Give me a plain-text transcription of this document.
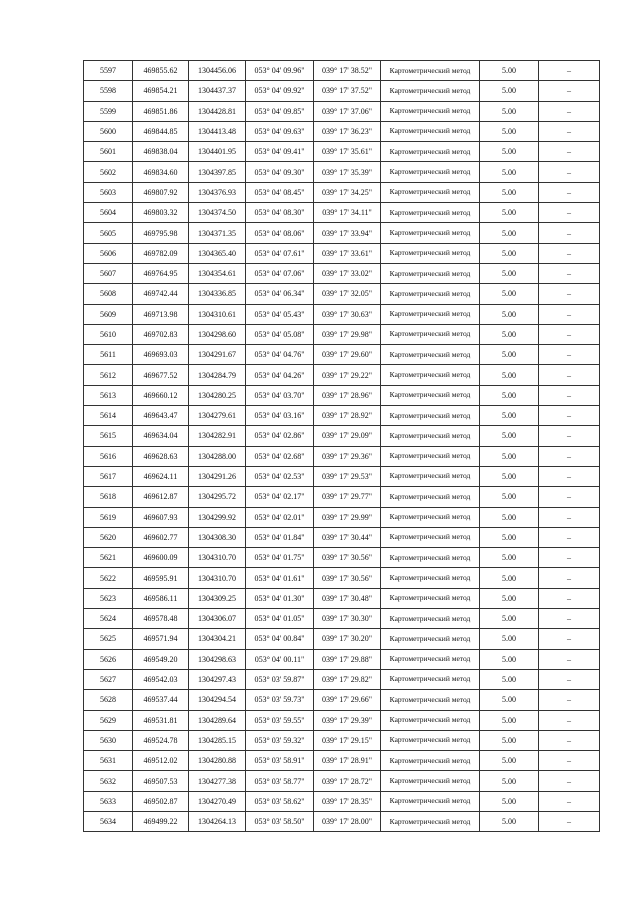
5597	469855.62	1304456.06	053° 04' 09.96"	039° 17' 38.52"	Картометрический метод	5.00	–
5598	469854.21	1304437.37	053° 04' 09.92"	039° 17' 37.52"	Картометрический метод	5.00	–
5599	469851.86	1304428.81	053° 04' 09.85"	039° 17' 37.06"	Картометрический метод	5.00	–
5600	469844.85	1304413.48	053° 04' 09.63"	039° 17' 36.23"	Картометрический метод	5.00	–
5601	469838.04	1304401.95	053° 04' 09.41"	039° 17' 35.61"	Картометрический метод	5.00	–
5602	469834.60	1304397.85	053° 04' 09.30"	039° 17' 35.39"	Картометрический метод	5.00	–
5603	469807.92	1304376.93	053° 04' 08.45"	039° 17' 34.25"	Картометрический метод	5.00	–
5604	469803.32	1304374.50	053° 04' 08.30"	039° 17' 34.11"	Картометрический метод	5.00	–
5605	469795.98	1304371.35	053° 04' 08.06"	039° 17' 33.94"	Картометрический метод	5.00	–
5606	469782.09	1304365.40	053° 04' 07.61"	039° 17' 33.61"	Картометрический метод	5.00	–
5607	469764.95	1304354.61	053° 04' 07.06"	039° 17' 33.02"	Картометрический метод	5.00	–
5608	469742.44	1304336.85	053° 04' 06.34"	039° 17' 32.05"	Картометрический метод	5.00	–
5609	469713.98	1304310.61	053° 04' 05.43"	039° 17' 30.63"	Картометрический метод	5.00	–
5610	469702.83	1304298.60	053° 04' 05.08"	039° 17' 29.98"	Картометрический метод	5.00	–
5611	469693.03	1304291.67	053° 04' 04.76"	039° 17' 29.60"	Картометрический метод	5.00	–
5612	469677.52	1304284.79	053° 04' 04.26"	039° 17' 29.22"	Картометрический метод	5.00	–
5613	469660.12	1304280.25	053° 04' 03.70"	039° 17' 28.96"	Картометрический метод	5.00	–
5614	469643.47	1304279.61	053° 04' 03.16"	039° 17' 28.92"	Картометрический метод	5.00	–
5615	469634.04	1304282.91	053° 04' 02.86"	039° 17' 29.09"	Картометрический метод	5.00	–
5616	469628.63	1304288.00	053° 04' 02.68"	039° 17' 29.36"	Картометрический метод	5.00	–
5617	469624.11	1304291.26	053° 04' 02.53"	039° 17' 29.53"	Картометрический метод	5.00	–
5618	469612.87	1304295.72	053° 04' 02.17"	039° 17' 29.77"	Картометрический метод	5.00	–
5619	469607.93	1304299.92	053° 04' 02.01"	039° 17' 29.99"	Картометрический метод	5.00	–
5620	469602.77	1304308.30	053° 04' 01.84"	039° 17' 30.44"	Картометрический метод	5.00	–
5621	469600.09	1304310.70	053° 04' 01.75"	039° 17' 30.56"	Картометрический метод	5.00	–
5622	469595.91	1304310.70	053° 04' 01.61"	039° 17' 30.56"	Картометрический метод	5.00	–
5623	469586.11	1304309.25	053° 04' 01.30"	039° 17' 30.48"	Картометрический метод	5.00	–
5624	469578.48	1304306.07	053° 04' 01.05"	039° 17' 30.30"	Картометрический метод	5.00	–
5625	469571.94	1304304.21	053° 04' 00.84"	039° 17' 30.20"	Картометрический метод	5.00	–
5626	469549.20	1304298.63	053° 04' 00.11"	039° 17' 29.88"	Картометрический метод	5.00	–
5627	469542.03	1304297.43	053° 03' 59.87"	039° 17' 29.82"	Картометрический метод	5.00	–
5628	469537.44	1304294.54	053° 03' 59.73"	039° 17' 29.66"	Картометрический метод	5.00	–
5629	469531.81	1304289.64	053° 03' 59.55"	039° 17' 29.39"	Картометрический метод	5.00	–
5630	469524.78	1304285.15	053° 03' 59.32"	039° 17' 29.15"	Картометрический метод	5.00	–
5631	469512.02	1304280.88	053° 03' 58.91"	039° 17' 28.91"	Картометрический метод	5.00	–
5632	469507.53	1304277.38	053° 03' 58.77"	039° 17' 28.72"	Картометрический метод	5.00	–
5633	469502.87	1304270.49	053° 03' 58.62"	039° 17' 28.35"	Картометрический метод	5.00	–
5634	469499.22	1304264.13	053° 03' 58.50"	039° 17' 28.00"	Картометрический метод	5.00	–
